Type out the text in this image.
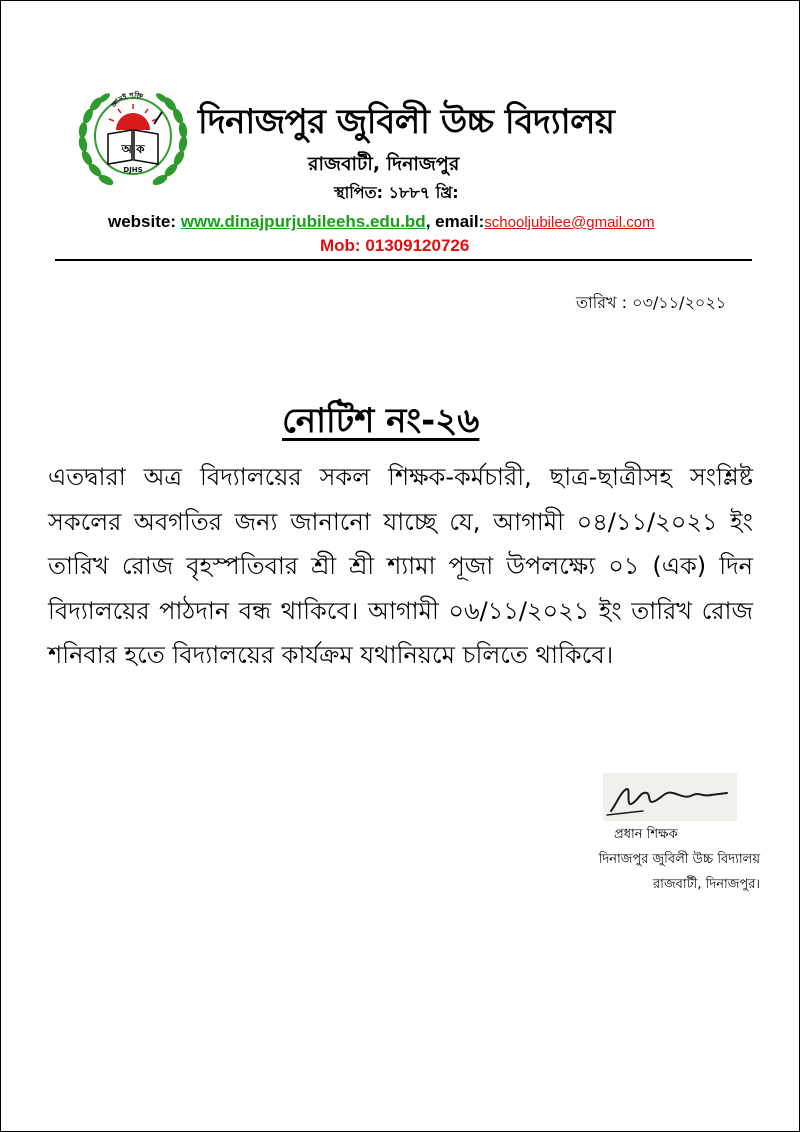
জ্ঞানই শক্তি
অ ক
DJHS
দিনাজপুর জুবিলী উচ্চ বিদ্যালয়
রাজবাটী, দিনাজপুর
স্থাপিত: ১৮৮৭ খ্রি:
website: www.dinajpurjubileehs.edu.bd, email:schooljubilee@gmail.com
Mob: 01309120726
তারিখ : ০৩/১১/২০২১
নোটিশ নং-২৬
এতদ্বারা অত্র বিদ্যালয়ের সকল শিক্ষক-কর্মচারী, ছাত্র-ছাত্রীসহ সংশ্লিষ্ট সকলের অবগতির জন্য জানানো যাচ্ছে যে, আগামী ০৪/১১/২০২১ ইং তারিখ রোজ বৃহস্পতিবার শ্রী শ্রী শ্যামা পূজা উপলক্ষ্যে ০১ (এক) দিন বিদ্যালয়ের পাঠদান বন্ধ থাকিবে। আগামী ০৬/১১/২০২১ ইং তারিখ রোজ শনিবার হতে বিদ্যালয়ের কার্যক্রম যথানিয়মে চলিতে থাকিবে।
প্রধান শিক্ষক
দিনাজপুর জুবিলী উচ্চ বিদ্যালয়
রাজবাটী, দিনাজপুর।
